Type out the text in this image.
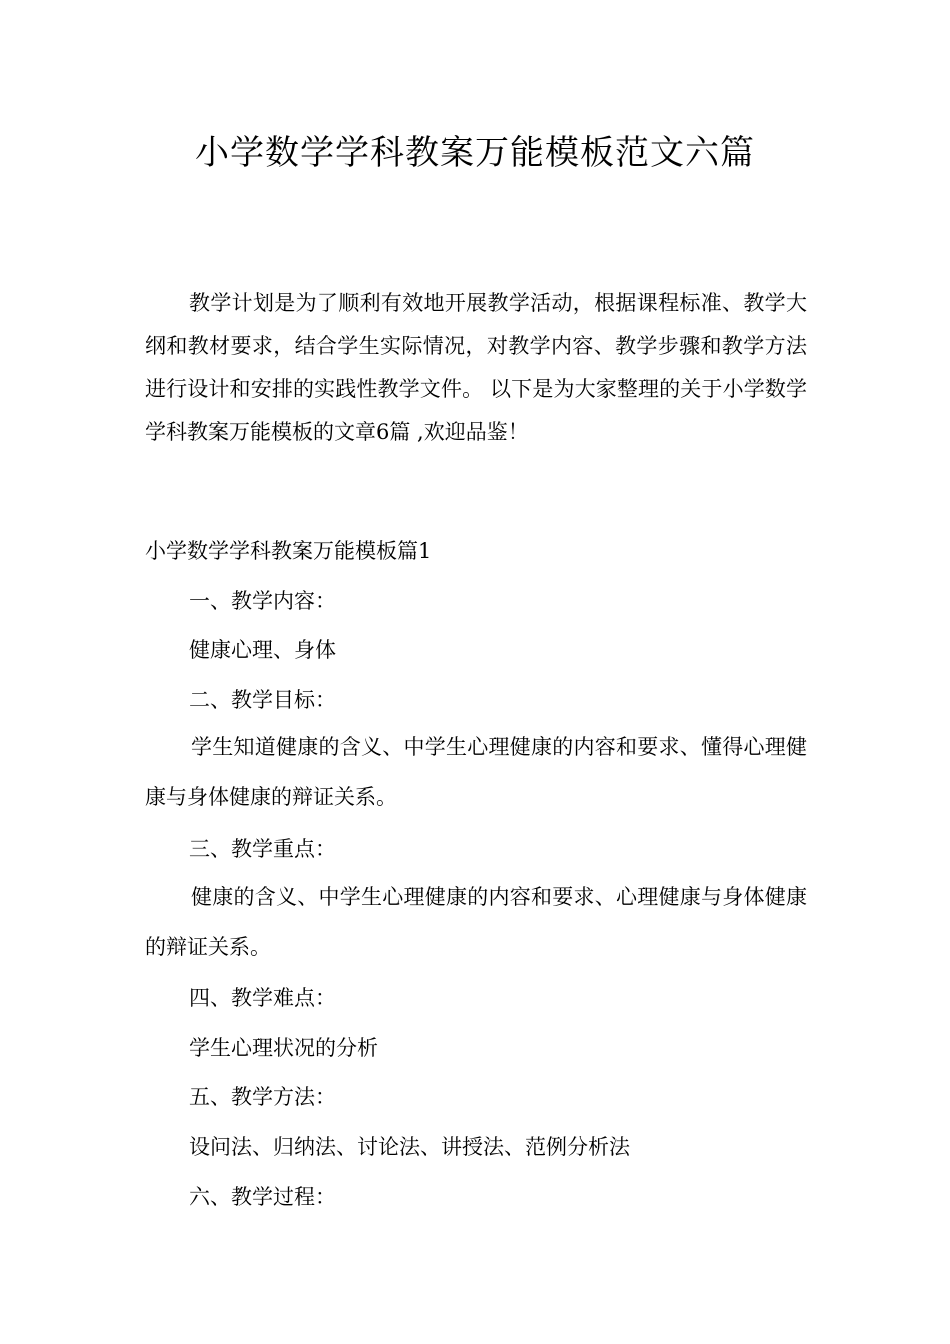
小学数学学科教案万能模板范文六篇

教学计划是为了顺利有效地开展教学活动，根据课程标准、教学大纲和教材要求，结合学生实际情况，对教学内容、教学步骤和教学方法进行设计和安排的实践性教学文件。 以下是为大家整理的关于小学数学学科教案万能模板的文章6篇 ,欢迎品鉴！

小学数学学科教案万能模板篇1

一、教学内容：

健康心理、身体

二、教学目标：

学生知道健康的含义、中学生心理健康的内容和要求、懂得心理健康与身体健康的辩证关系。

三、教学重点：

健康的含义、中学生心理健康的内容和要求、心理健康与身体健康的辩证关系。

四、教学难点：

学生心理状况的分析

五、教学方法：

设问法、归纳法、讨论法、讲授法、范例分析法

六、教学过程：
